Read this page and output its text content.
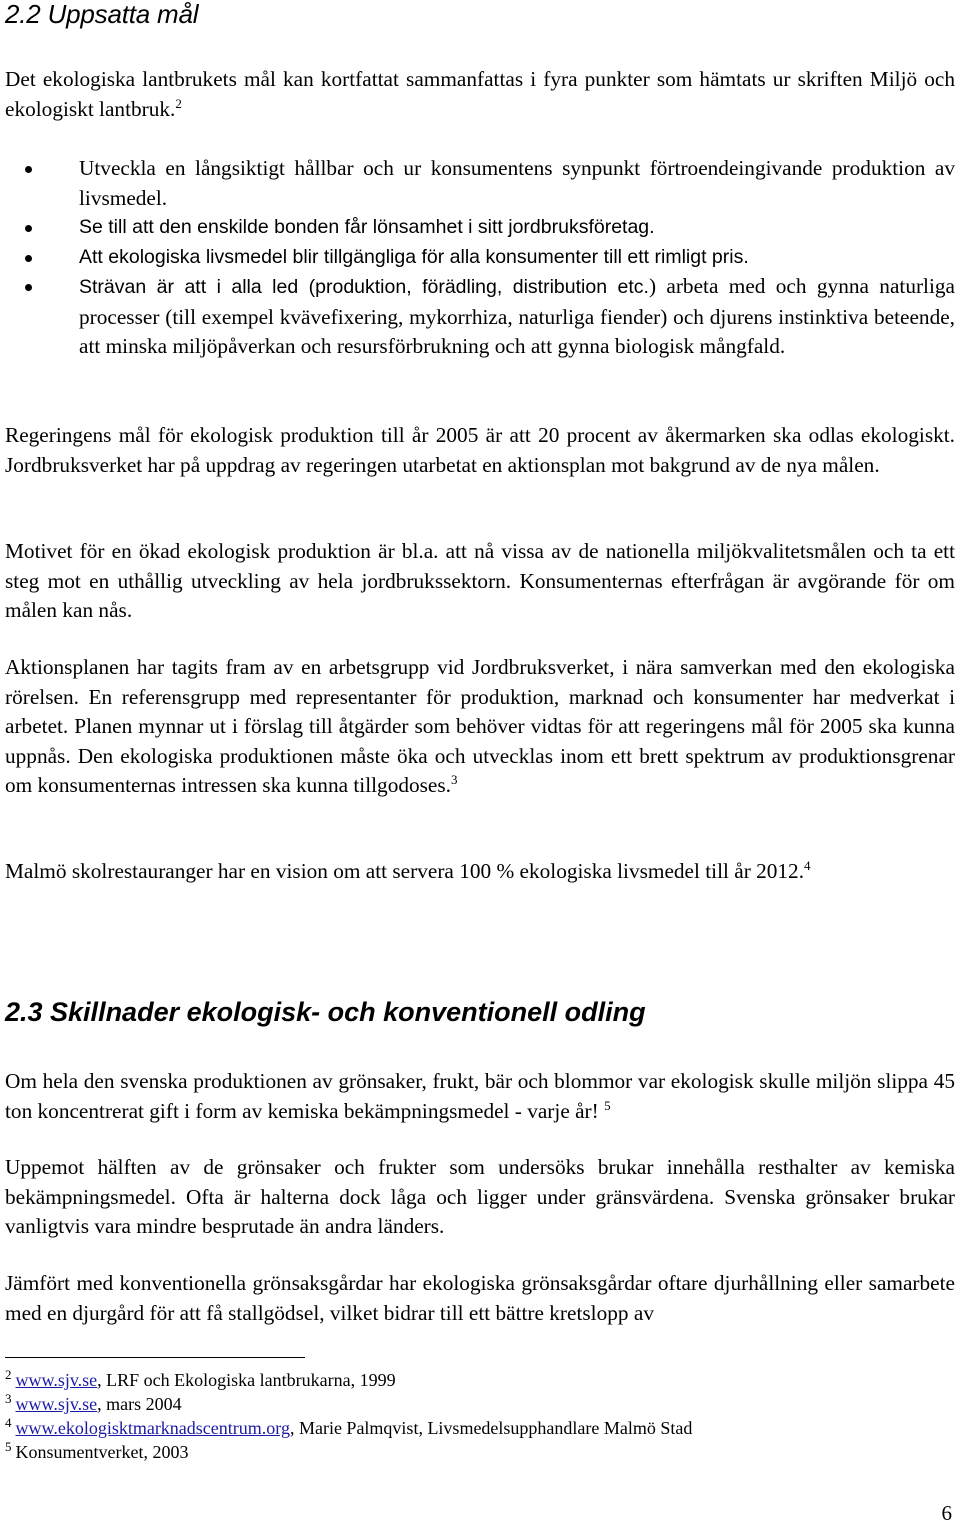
2.2 Uppsatta mål

Det ekologiska lantbrukets mål kan kortfattat sammanfattas i fyra punkter som hämtats ur skriften Miljö och ekologiskt lantbruk.$^2$

Utveckla en långsiktigt hållbar och ur konsumentens synpunkt förtroendeingivande produktion av livsmedel.
Se till att den enskilde bonden får lönsamhet i sitt jordbruksföretag.
Att ekologiska livsmedel blir tillgängliga för alla konsumenter till ett rimligt pris.
Strävan är att i alla led (produktion, förädling, distribution etc.) arbeta med och gynna naturliga processer (till exempel kvävefixering, mykorrhiza, naturliga fiender) och djurens instinktiva beteende, att minska miljöpåverkan och resursförbrukning och att gynna biologisk mångfald.

Regeringens mål för ekologisk produktion till år 2005 är att 20 procent av åkermarken ska odlas ekologiskt. Jordbruksverket har på uppdrag av regeringen utarbetat en aktionsplan mot bakgrund av de nya målen.

Motivet för en ökad ekologisk produktion är bl.a. att nå vissa av de nationella miljökvalitetsmålen och ta ett steg mot en uthållig utveckling av hela jordbrukssektorn. Konsumenternas efterfrågan är avgörande för om målen kan nås.

Aktionsplanen har tagits fram av en arbetsgrupp vid Jordbruksverket, i nära samverkan med den ekologiska rörelsen. En referensgrupp med representanter för produktion, marknad och konsumenter har medverkat i arbetet. Planen mynnar ut i förslag till åtgärder som behöver vidtas för att regeringens mål för 2005 ska kunna uppnås. Den ekologiska produktionen måste öka och utvecklas inom ett brett spektrum av produktionsgrenar om konsumenternas intressen ska kunna tillgodoses.$^3$

Malmö skolrestauranger har en vision om att servera 100 % ekologiska livsmedel till år 2012.$^4$

2.3 Skillnader ekologisk- och konventionell odling

Om hela den svenska produktionen av grönsaker, frukt, bär och blommor var ekologisk skulle miljön slippa 45 ton koncentrerat gift i form av kemiska bekämpningsmedel - varje år! $^5$

Uppemot hälften av de grönsaker och frukter som undersöks brukar innehålla resthalter av kemiska bekämpningsmedel. Ofta är halterna dock låga och ligger under gränsvärdena. Svenska grönsaker brukar vanligtvis vara mindre besprutade än andra länders.

Jämfört med konventionella grönsaksgårdar har ekologiska grönsaksgårdar oftare djurhållning eller samarbete med en djurgård för att få stallgödsel, vilket bidrar till ett bättre kretslopp av

$^2$ www.sjv.se, LRF och Ekologiska lantbrukarna, 1999
$^3$ www.sjv.se, mars 2004
$^4$ www.ekologisktmarknadscentrum.org, Marie Palmqvist, Livsmedelsupphandlare Malmö Stad
$^5$ Konsumentverket, 2003
6
